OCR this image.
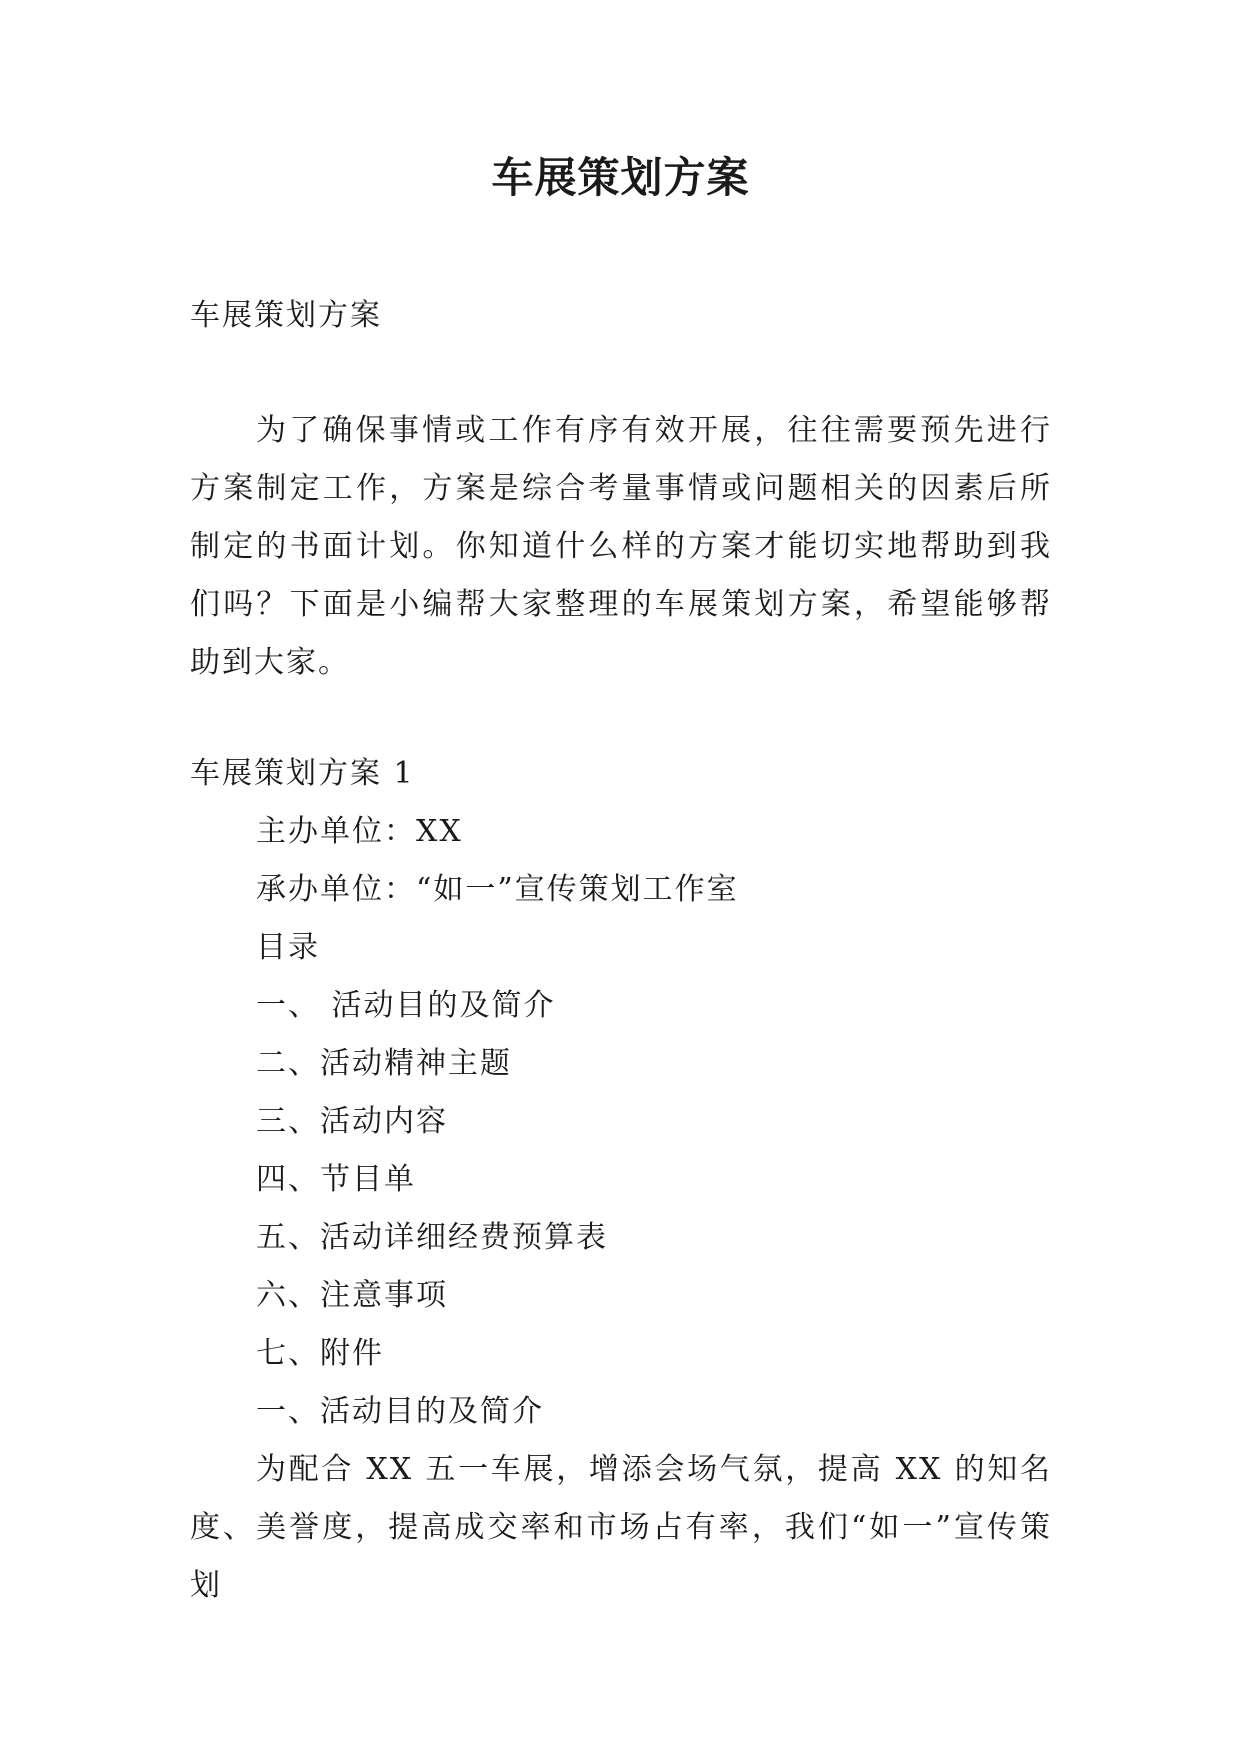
车展策划方案
车展策划方案

为了确保事情或工作有序有效开展，往往需要预先进行方案制定工作，方案是综合考量事情或问题相关的因素后所制定的书面计划。你知道什么样的方案才能切实地帮助到我们吗？下面是小编帮大家整理的车展策划方案，希望能够帮助到大家。

车展策划方案 1
主办单位：XX
承办单位：“如一”宣传策划工作室
目录
一、 活动目的及简介
二、活动精神主题
三、活动内容
四、节目单
五、活动详细经费预算表
六、注意事项
七、附件
一、活动目的及简介

为配合 XX 五一车展，增添会场气氛，提高 XX 的知名度、美誉度，提高成交率和市场占有率，我们“如一”宣传策划
